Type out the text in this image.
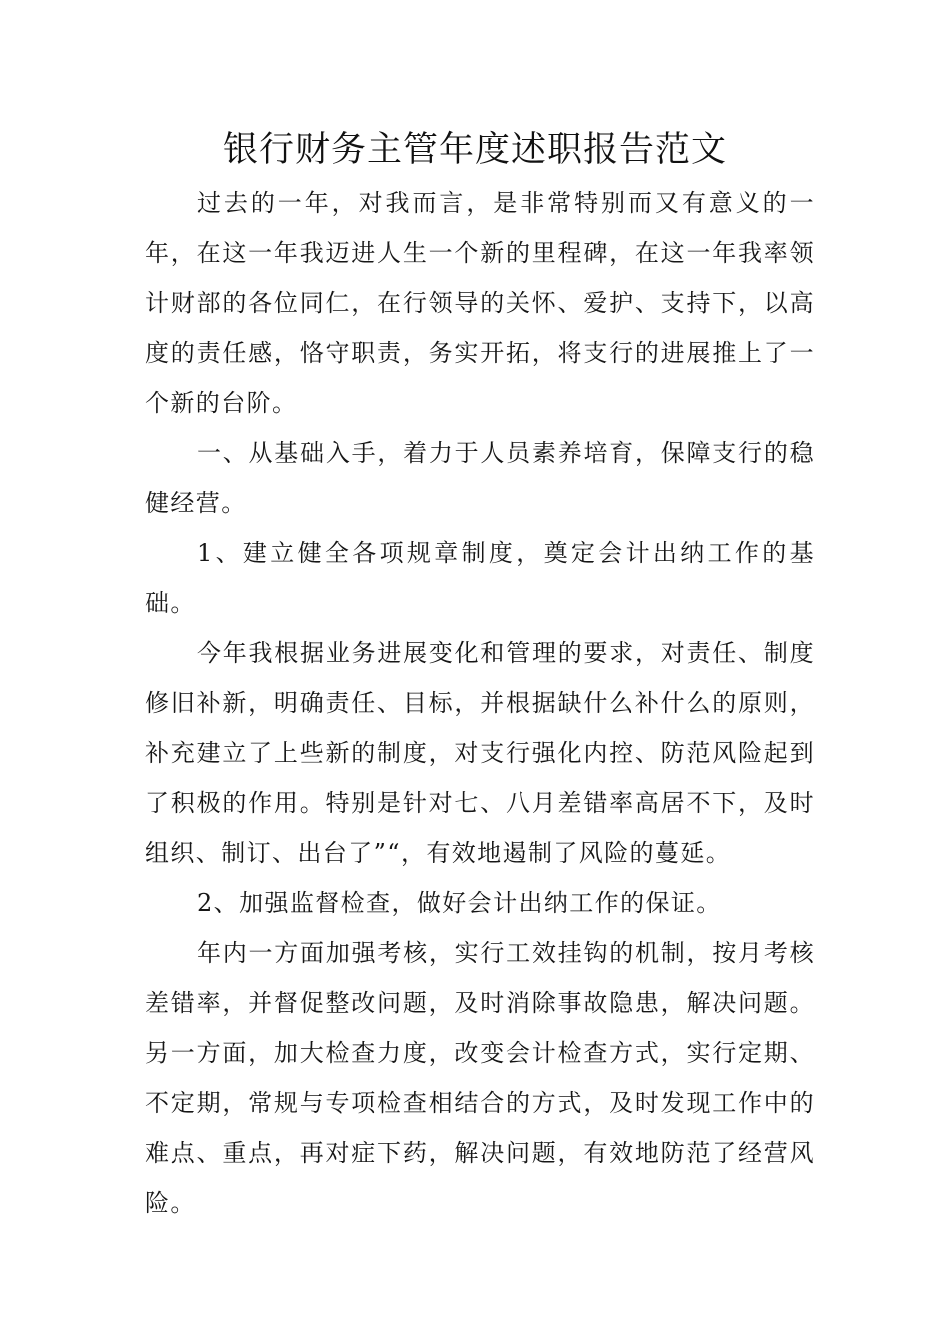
银行财务主管年度述职报告范文

过去的一年，对我而言，是非常特别而又有意义的一年，在这一年我迈进人生一个新的里程碑，在这一年我率领计财部的各位同仁，在行领导的关怀、爱护、支持下，以高度的责任感，恪守职责，务实开拓，将支行的进展推上了一个新的台阶。

一、从基础入手，着力于人员素养培育，保障支行的稳健经营。

1、建立健全各项规章制度，奠定会计出纳工作的基础。

今年我根据业务进展变化和管理的要求，对责任、制度修旧补新，明确责任、目标，并根据缺什么补什么的原则，补充建立了上些新的制度，对支行强化内控、防范风险起到了积极的作用。特别是针对七、八月差错率高居不下，及时组织、制订、出台了”“，有效地遏制了风险的蔓延。

2、加强监督检查，做好会计出纳工作的保证。

年内一方面加强考核，实行工效挂钩的机制，按月考核差错率，并督促整改问题，及时消除事故隐患，解决问题。另一方面，加大检查力度，改变会计检查方式，实行定期、不定期，常规与专项检查相结合的方式，及时发现工作中的难点、重点，再对症下药，解决问题，有效地防范了经营风险。
